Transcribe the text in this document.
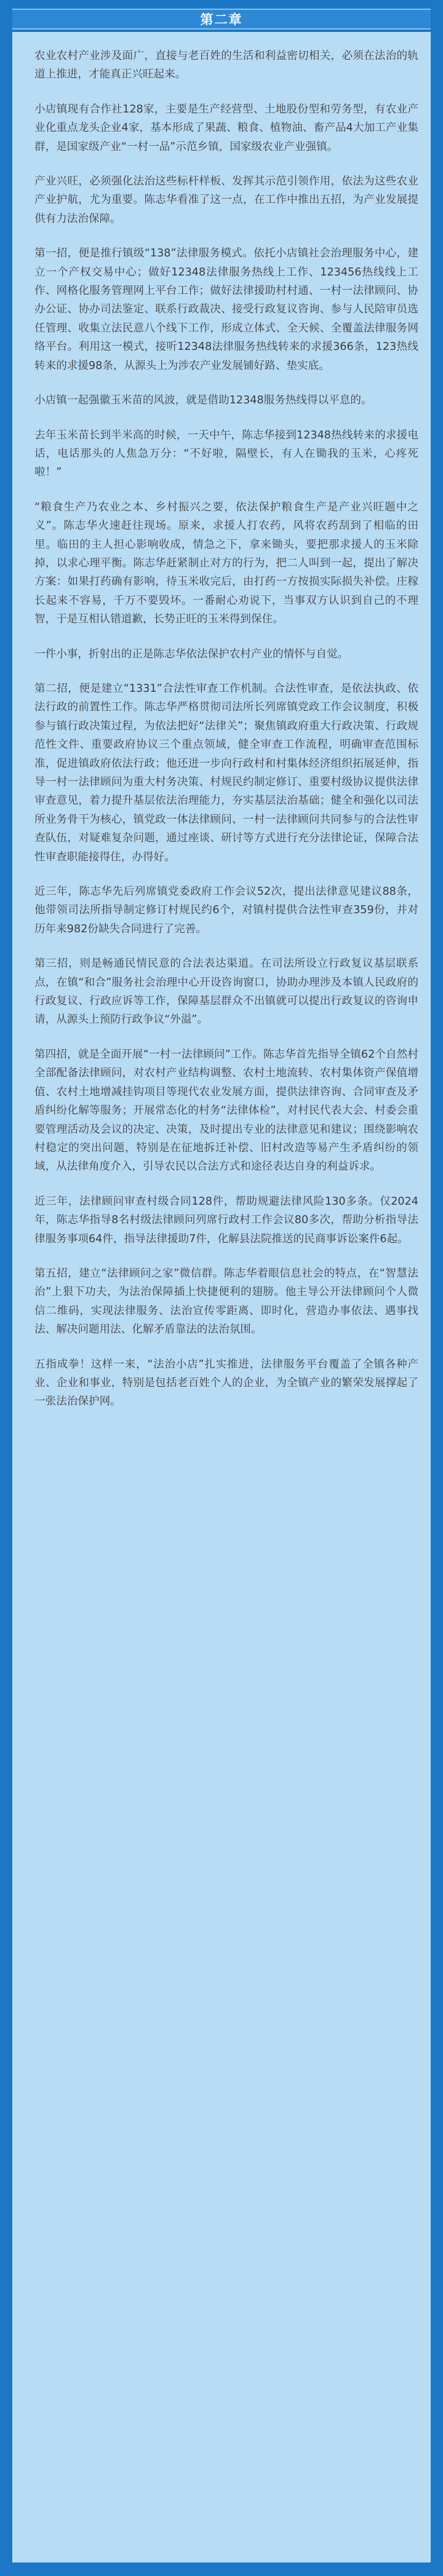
第二章

农业农村产业涉及面广，直接与老百姓的生活和利益密切相关，必须在法治的轨道上推进，才能真正兴旺起来。

小店镇现有合作社128家，主要是生产经营型、土地股份型和劳务型，有农业产业化重点龙头企业4家，基本形成了果蔬、粮食、植物油、畜产品4大加工产业集群，是国家级产业“一村一品”示范乡镇，国家级农业产业强镇。

产业兴旺，必须强化法治这些标杆样板、发挥其示范引领作用，依法为这些农业产业护航，尤为重要。陈志华看准了这一点，在工作中推出五招，为产业发展提供有力法治保障。

第一招，便是推行镇级“138”法律服务模式。依托小店镇社会治理服务中心，建立一个产权交易中心；做好12348法律服务热线上工作、123456热线线上工作、网格化服务管理网上平台工作；做好法律援助村村通、一村一法律顾问、协办公证、协办司法鉴定、联系行政裁决、接受行政复议咨询、参与人民陪审员选任管理、收集立法民意八个线下工作，形成立体式、全天候、全覆盖法律服务网络平台。利用这一模式，接听12348法律服务热线转来的求援366条，123热线转来的求援98条，从源头上为涉农产业发展铺好路、垫实底。

小店镇一起强徽玉米苗的风波，就是借助12348服务热线得以平息的。

去年玉米苗长到半米高的时候，一天中午，陈志华接到12348热线转来的求援电话，电话那头的人焦急万分：“不好啦，隔壁长，有人在锄我的玉米，心疼死啦！”

“粮食生产乃农业之本、乡村振兴之要，依法保护粮食生产是产业兴旺题中之义”。陈志华火速赶往现场。原来，求援人打农药，风将农药刮到了相临的田里。临田的主人担心影响收成，情急之下，拿来锄头，要把那求援人的玉米除掉，以求心理平衡。陈志华赶紧制止对方的行为，把二人叫到一起，提出了解决方案：如果打药确有影响，待玉米收完后，由打药一方按损实际损失补偿。庄稼长起来不容易，千万不要毁坏。一番耐心劝说下，当事双方认识到自己的不理智，于是互相认错道歉，长势正旺的玉米得到保住。

一件小事，折射出的正是陈志华依法保护农村产业的情怀与自觉。

第二招，便是建立“1331”合法性审查工作机制。合法性审查，是依法执政、依法行政的前置性工作。陈志华严格贯彻司法所长列席镇党政工作会议制度，积极参与镇行政决策过程，为依法把好“法律关”；聚焦镇政府重大行政决策、行政规范性文件、重要政府协议三个重点领域，健全审查工作流程，明确审查范围标准，促进镇政府依法行政；他还进一步向行政村和村集体经济组织拓展延伸，指导一村一法律顾问为重大村务决策、村规民约制定修订、重要村级协议提供法律审查意见，着力提升基层依法治理能力，夯实基层法治基础；健全和强化以司法所业务骨干为核心，镇党政一体法律顾问、一村一法律顾问共同参与的合法性审查队伍，对疑难复杂问题，通过座谈、研讨等方式进行充分法律论证，保障合法性审查职能接得住，办得好。

近三年，陈志华先后列席镇党委政府工作会议52次，提出法律意见建议88条，他带领司法所指导制定修订村规民约6个，对镇村提供合法性审查359份，并对历年来982份缺失合同进行了完善。

第三招，则是畅通民情民意的合法表达渠道。在司法所设立行政复议基层联系点，在镇“和合”服务社会治理中心开设咨询窗口，协助办理涉及本镇人民政府的行政复议、行政应诉等工作，保障基层群众不出镇就可以提出行政复议的咨询申请，从源头上预防行政争议“外溢”。

第四招，就是全面开展“一村一法律顾问”工作。陈志华首先指导全镇62个自然村全部配备法律顾问，对农村产业结构调整、农村土地流转、农村集体资产保值增值、农村土地增减挂钩项目等现代农业发展方面，提供法律咨询、合同审查及矛盾纠纷化解等服务；开展常态化的村务“法律体检”，对村民代表大会、村委会重要管理活动及会议的决定、决策，及时提出专业的法律意见和建议；围绕影响农村稳定的突出问题，特别是在征地拆迁补偿、旧村改造等易产生矛盾纠纷的领域，从法律角度介入，引导农民以合法方式和途径表达自身的利益诉求。

近三年，法律顾问审查村级合同128件，帮助规避法律风险130多条。仅2024年，陈志华指导8名村级法律顾问列席行政村工作会议80多次，帮助分析指导法律服务事项64件，指导法律援助7件，化解县法院推送的民商事诉讼案件6起。

第五招，建立“法律顾问之家”微信群。陈志华着眼信息社会的特点，在“智慧法治”上狠下功夫，为法治保障插上快捷便利的翅膀。他主导公开法律顾问个人微信二维码，实现法律服务、法治宣传零距离、即时化，营造办事依法、遇事找法、解决问题用法、化解矛盾靠法的法治氛围。

五指成拳！这样一来，“法治小店”扎实推进，法律服务平台覆盖了全镇各种产业、企业和事业，特别是包括老百姓个人的企业，为全镇产业的繁荣发展撑起了一张法治保护网。
